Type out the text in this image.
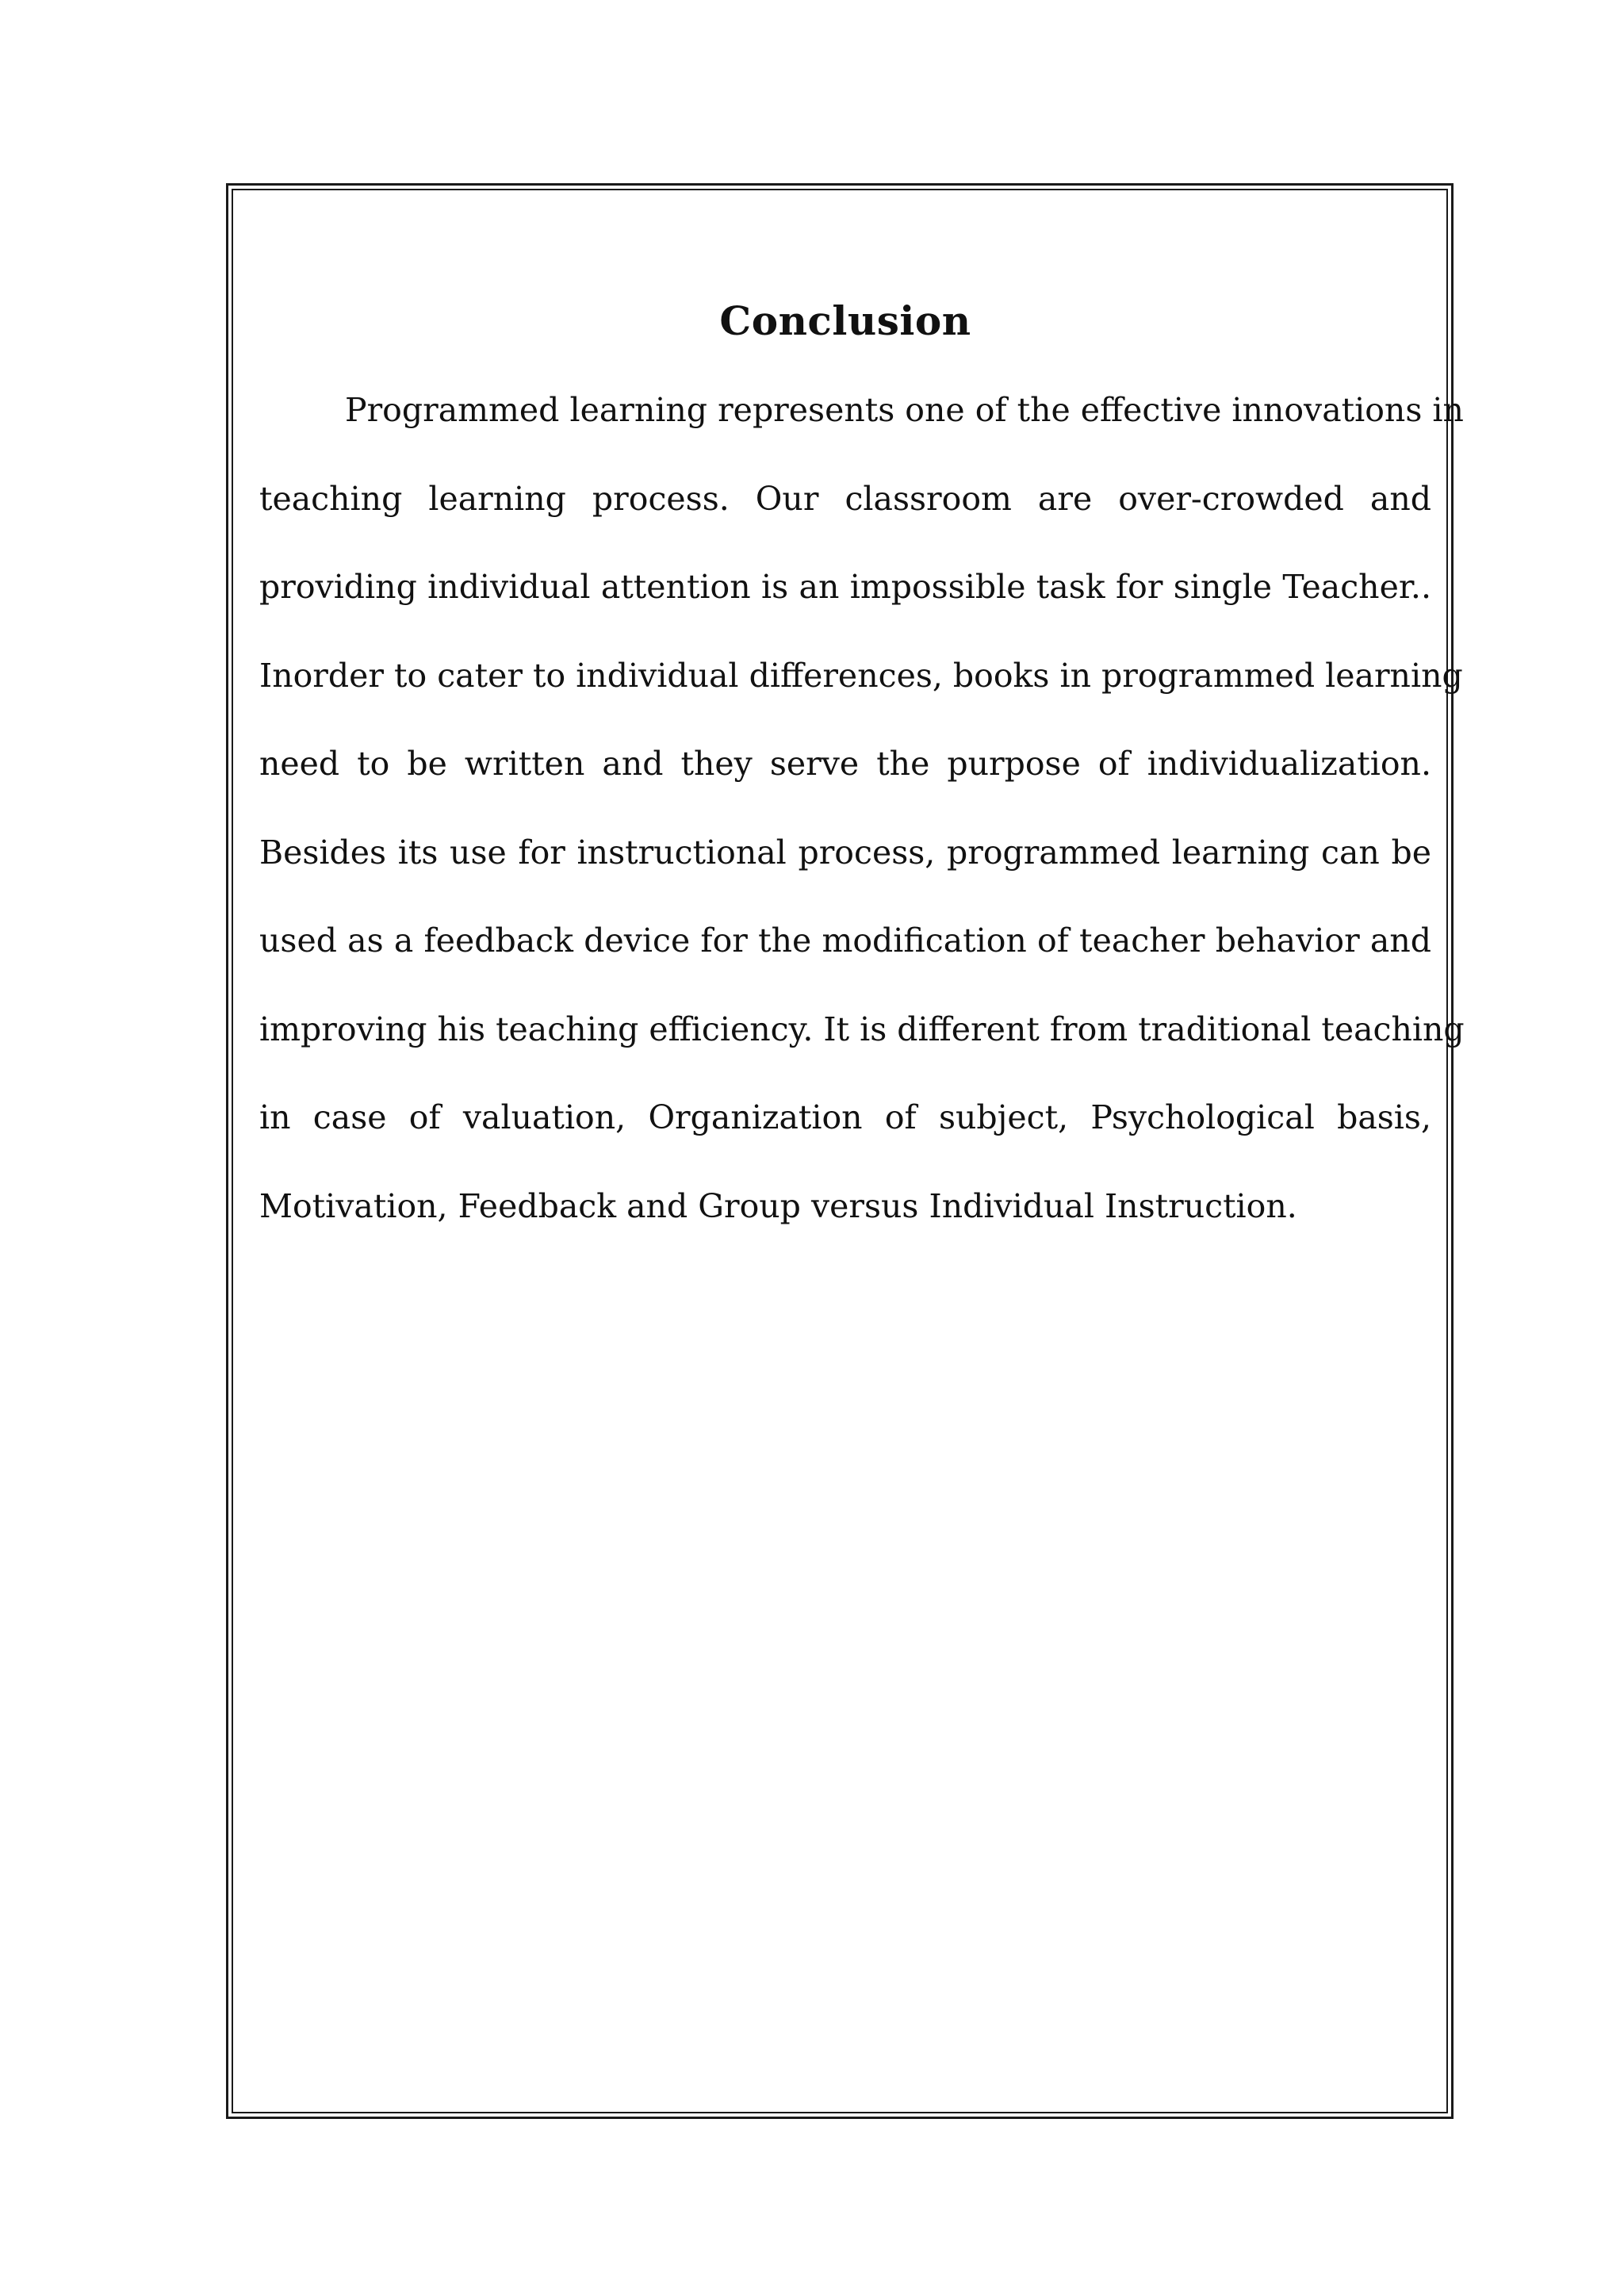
Conclusion
Programmed learning represents one of the effective innovations in
teaching learning process. Our classroom are over-crowded and
providing individual attention is an impossible task for single Teacher..
Inorder to cater to individual differences, books in programmed learning
need to be written and they serve the purpose of individualization.
Besides its use for instructional process, programmed learning can be
used as a feedback device for the modification of teacher behavior and
improving his teaching efficiency. It is different from traditional teaching
in case of valuation, Organization of subject, Psychological basis,
Motivation, Feedback and Group versus Individual Instruction.
